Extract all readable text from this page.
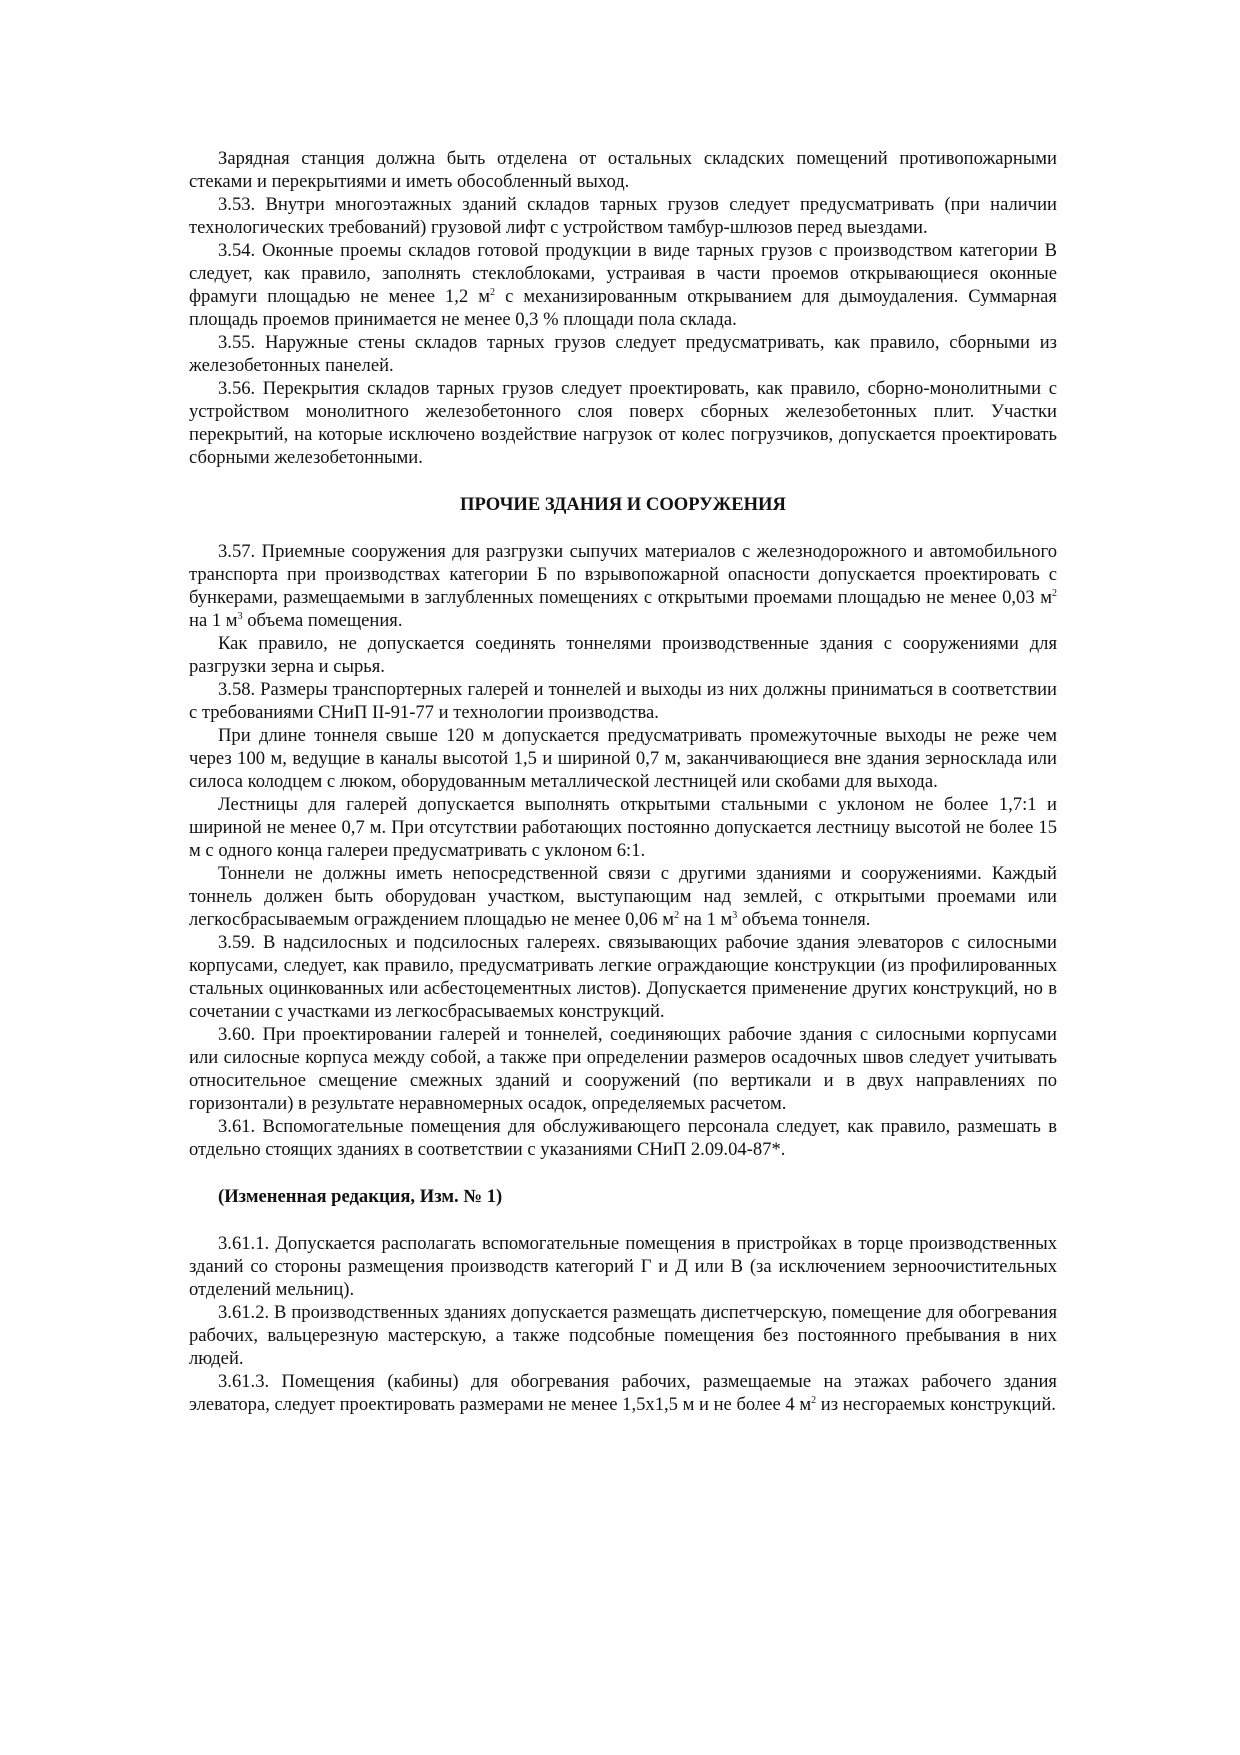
Зарядная станция должна быть отделена от остальных складских помещений противопожарными стеками и перекрытиями и иметь обособленный выход.

3.53. Внутри многоэтажных зданий складов тарных грузов следует предусматривать (при наличии технологических требований) грузовой лифт с устройством тамбур-шлюзов перед выездами.

3.54. Оконные проемы складов готовой продукции в виде тарных грузов с производством категории В следует, как правило, заполнять стеклоблоками, устраивая в части проемов открывающиеся оконные фрамуги площадью не менее 1,2 $м^2$ с механизированным открыванием для дымоудаления. Суммарная площадь проемов принимается не менее 0,3 % площади пола склада.

3.55. Наружные стены складов тарных грузов следует предусматривать, как правило, сборными из железобетонных панелей.

3.56. Перекрытия складов тарных грузов следует проектировать, как правило, сборно-монолитными с устройством монолитного железобетонного слоя поверх сборных железобетонных плит. Участки перекрытий, на которые исключено воздействие нагрузок от колес погрузчиков, допускается проектировать сборными железобетонными.

ПРОЧИЕ ЗДАНИЯ И СООРУЖЕНИЯ

3.57. Приемные сооружения для разгрузки сыпучих материалов с железнодорожного и автомобильного транспорта при производствах категории Б по взрывопожарной опасности допускается проектировать с бункерами, размещаемыми в заглубленных помещениях с открытыми проемами площадью не менее 0,03 $м^2$ на 1 $м^3$ объема помещения.

Как правило, не допускается соединять тоннелями производственные здания с сооружениями для разгрузки зерна и сырья.

3.58. Размеры транспортерных галерей и тоннелей и выходы из них должны приниматься в соответствии с требованиями СНиП II-91-77 и технологии производства.

При длине тоннеля свыше 120 м допускается предусматривать промежуточные выходы не реже чем через 100 м, ведущие в каналы высотой 1,5 и шириной 0,7 м, заканчивающиеся вне здания зерносклада или силоса колодцем с люком, оборудованным металлической лестницей или скобами для выхода.

Лестницы для галерей допускается выполнять открытыми стальными с уклоном не более 1,7:1 и шириной не менее 0,7 м. При отсутствии работающих постоянно допускается лестницу высотой не более 15 м с одного конца галереи предусматривать с уклоном 6:1.

Тоннели не должны иметь непосредственной связи с другими зданиями и сооружениями. Каждый тоннель должен быть оборудован участком, выступающим над землей, с открытыми проемами или легкосбрасываемым ограждением площадью не менее 0,06 $м^2$ на 1 $м^3$ объема тоннеля.

3.59. В надсилосных и подсилосных галереях. связывающих рабочие здания элеваторов с силосными корпусами, следует, как правило, предусматривать легкие ограждающие конструкции (из профилированных стальных оцинкованных или асбестоцементных листов). Допускается применение других конструкций, но в сочетании с участками из легкосбрасываемых конструкций.

3.60. При проектировании галерей и тоннелей, соединяющих рабочие здания с силосными корпусами или силосные корпуса между собой, а также при определении размеров осадочных швов следует учитывать относительное смещение смежных зданий и сооружений (по вертикали и в двух направлениях по горизонтали) в результате неравномерных осадок, определяемых расчетом.

3.61. Вспомогательные помещения для обслуживающего персонала следует, как правило, размешать в отдельно стоящих зданиях в соответствии с указаниями СНиП 2.09.04-87*.

(Измененная редакция, Изм. № 1)

3.61.1. Допускается располагать вспомогательные помещения в пристройках в торце производственных зданий со стороны размещения производств категорий Г и Д или В (за исключением зерноочистительных отделений мельниц).

3.61.2. В производственных зданиях допускается размещать диспетчерскую, помещение для обогревания рабочих, вальцерезную мастерскую, а также подсобные помещения без постоянного пребывания в них людей.

3.61.3. Помещения (кабины) для обогревания рабочих, размещаемые на этажах рабочего здания элеватора, следует проектировать размерами не менее 1,5х1,5 м и не более 4 $м^2$ из несгораемых конструкций.
